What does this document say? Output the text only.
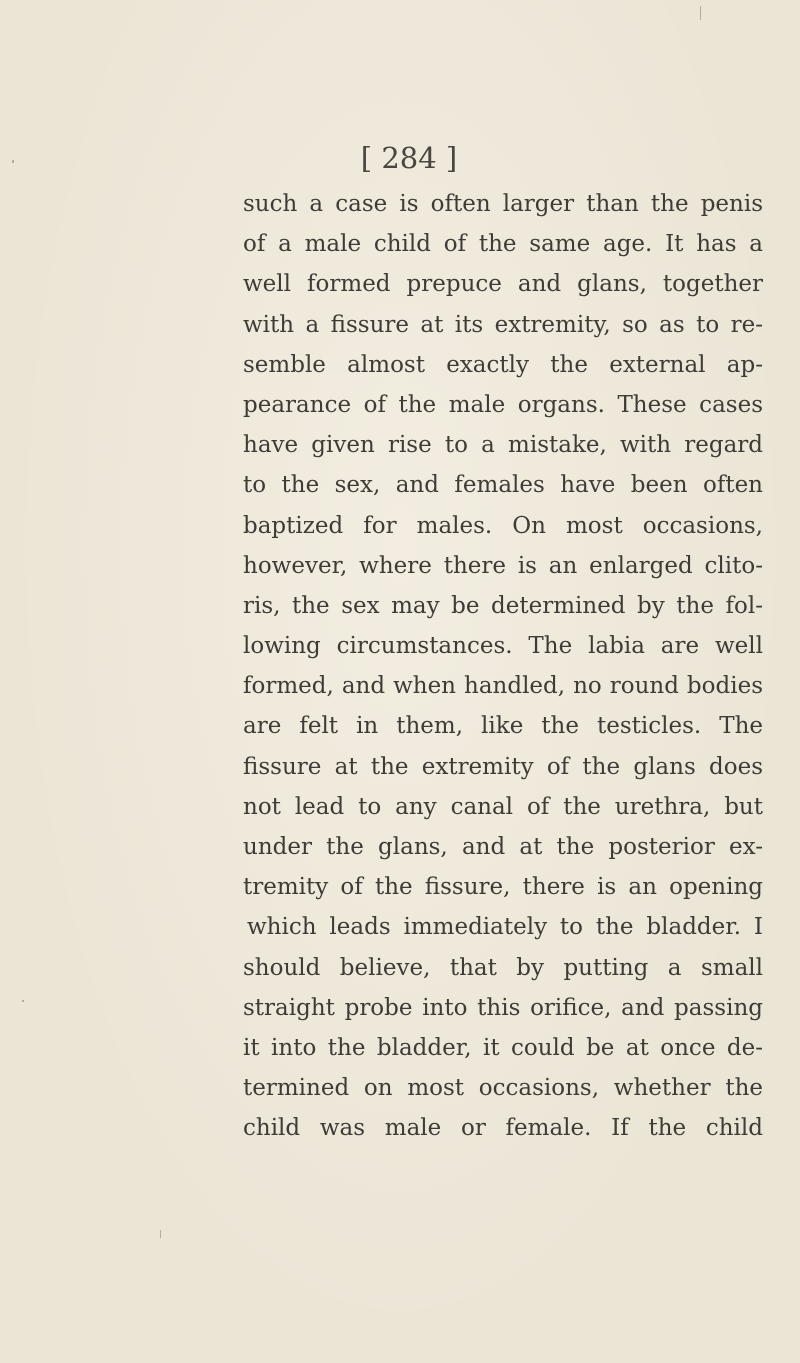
[ 284 ]
such a case is often larger than the penis
of a male child of the same age. It has a
well formed prepuce and glans, together
with a fissure at its extremity, so as to re-
semble almost exactly the external ap-
pearance of the male organs. These cases
have given rise to a mistake, with regard
to the sex, and females have been often
baptized for males. On most occasions,
however, where there is an enlarged clito-
ris, the sex may be determined by the fol-
lowing circumstances. The labia are well
formed, and when handled, no round bodies
are felt in them, like the testicles. The
fissure at the extremity of the glans does
not lead to any canal of the urethra, but
under the glans, and at the posterior ex-
tremity of the fissure, there is an opening
which leads immediately to the bladder. I
should believe, that by putting a small
straight probe into this orifice, and passing
it into the bladder, it could be at once de-
termined on most occasions, whether the
child was male or female. If the child
